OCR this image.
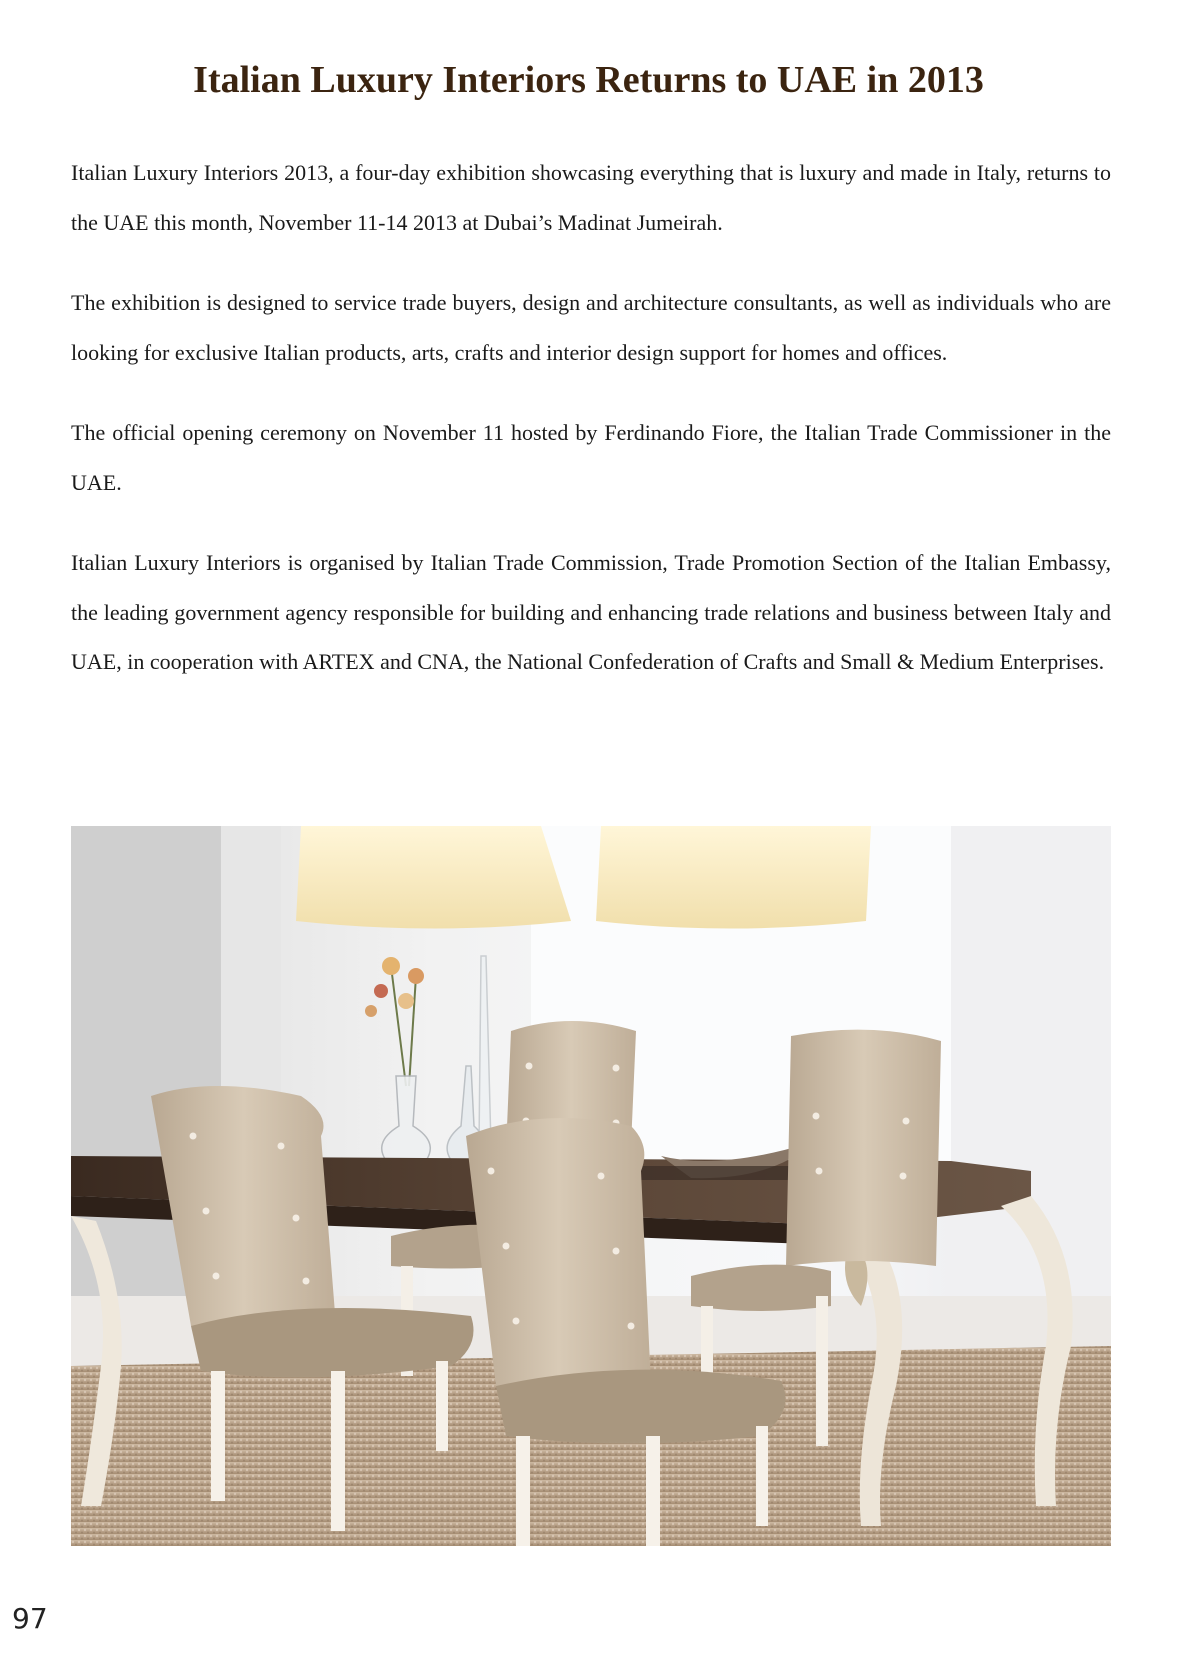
Italian Luxury Interiors Returns to UAE in 2013

Italian Luxury Interiors 2013, a four-day exhibition showcasing everything that is luxury and made in Italy, returns to the UAE this month, November 11-14 2013 at Dubai’s Madinat Jumeirah.

The exhibition is designed to service trade buyers, design and architecture consultants, as well as individuals who are looking for exclusive Italian products, arts, crafts and interior design support for homes and offices.

The official opening ceremony on November 11 hosted by Ferdinando Fiore, the Italian Trade Commissioner in the UAE.

Italian Luxury Interiors is organised by Italian Trade Commission, Trade Promotion Section of the Italian Embassy, the leading government agency responsible for building and enhancing trade relations and business between Italy and UAE, in cooperation with ARTEX and CNA, the National Confederation of Crafts and Small & Medium Enterprises.

97
